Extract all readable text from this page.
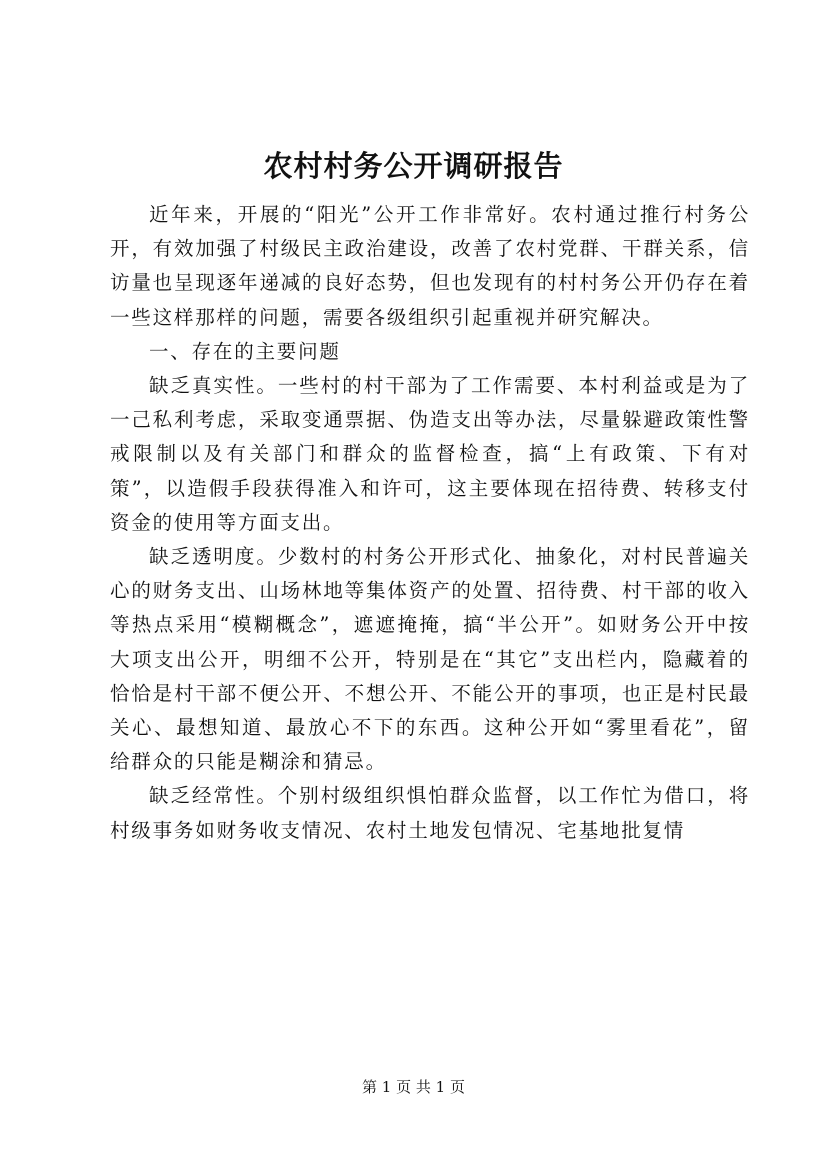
农村村务公开调研报告

近年来，开展的“阳光”公开工作非常好。农村通过推行村务公开，有效加强了村级民主政治建设，改善了农村党群、干群关系，信访量也呈现逐年递减的良好态势，但也发现有的村村务公开仍存在着一些这样那样的问题，需要各级组织引起重视并研究解决。

一、存在的主要问题

缺乏真实性。一些村的村干部为了工作需要、本村利益或是为了一己私利考虑，采取变通票据、伪造支出等办法，尽量躲避政策性警戒限制以及有关部门和群众的监督检查，搞“上有政策、下有对策”，以造假手段获得准入和许可，这主要体现在招待费、转移支付资金的使用等方面支出。

缺乏透明度。少数村的村务公开形式化、抽象化，对村民普遍关心的财务支出、山场林地等集体资产的处置、招待费、村干部的收入等热点采用“模糊概念”，遮遮掩掩，搞“半公开”。如财务公开中按大项支出公开，明细不公开，特别是在“其它”支出栏内，隐藏着的恰恰是村干部不便公开、不想公开、不能公开的事项，也正是村民最关心、最想知道、最放心不下的东西。这种公开如“雾里看花”，留给群众的只能是糊涂和猜忌。

缺乏经常性。个别村级组织惧怕群众监督，以工作忙为借口，将村级事务如财务收支情况、农村土地发包情况、宅基地批复情

第 1 页 共 1 页
